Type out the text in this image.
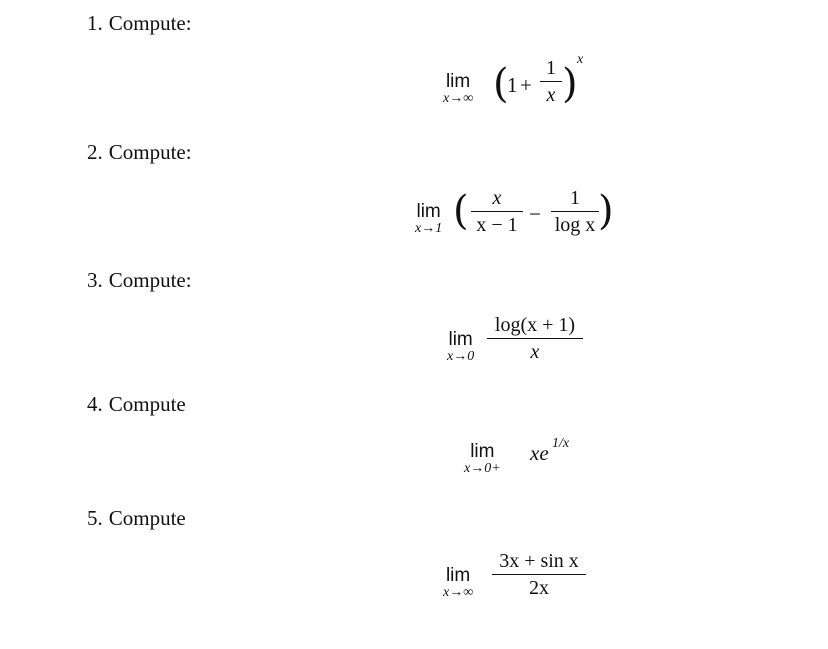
1. Compute:
lim
x→∞ (
1 +
1
x )
x
2. Compute:
lim
x→1 (	x
x − 1 −
1
log x )
3. Compute:
lim
x→0
log(x + 1)
x
4. Compute
lim
x→0+
xe 1/x
5. Compute
lim
x→∞
3x + sin x
2x
